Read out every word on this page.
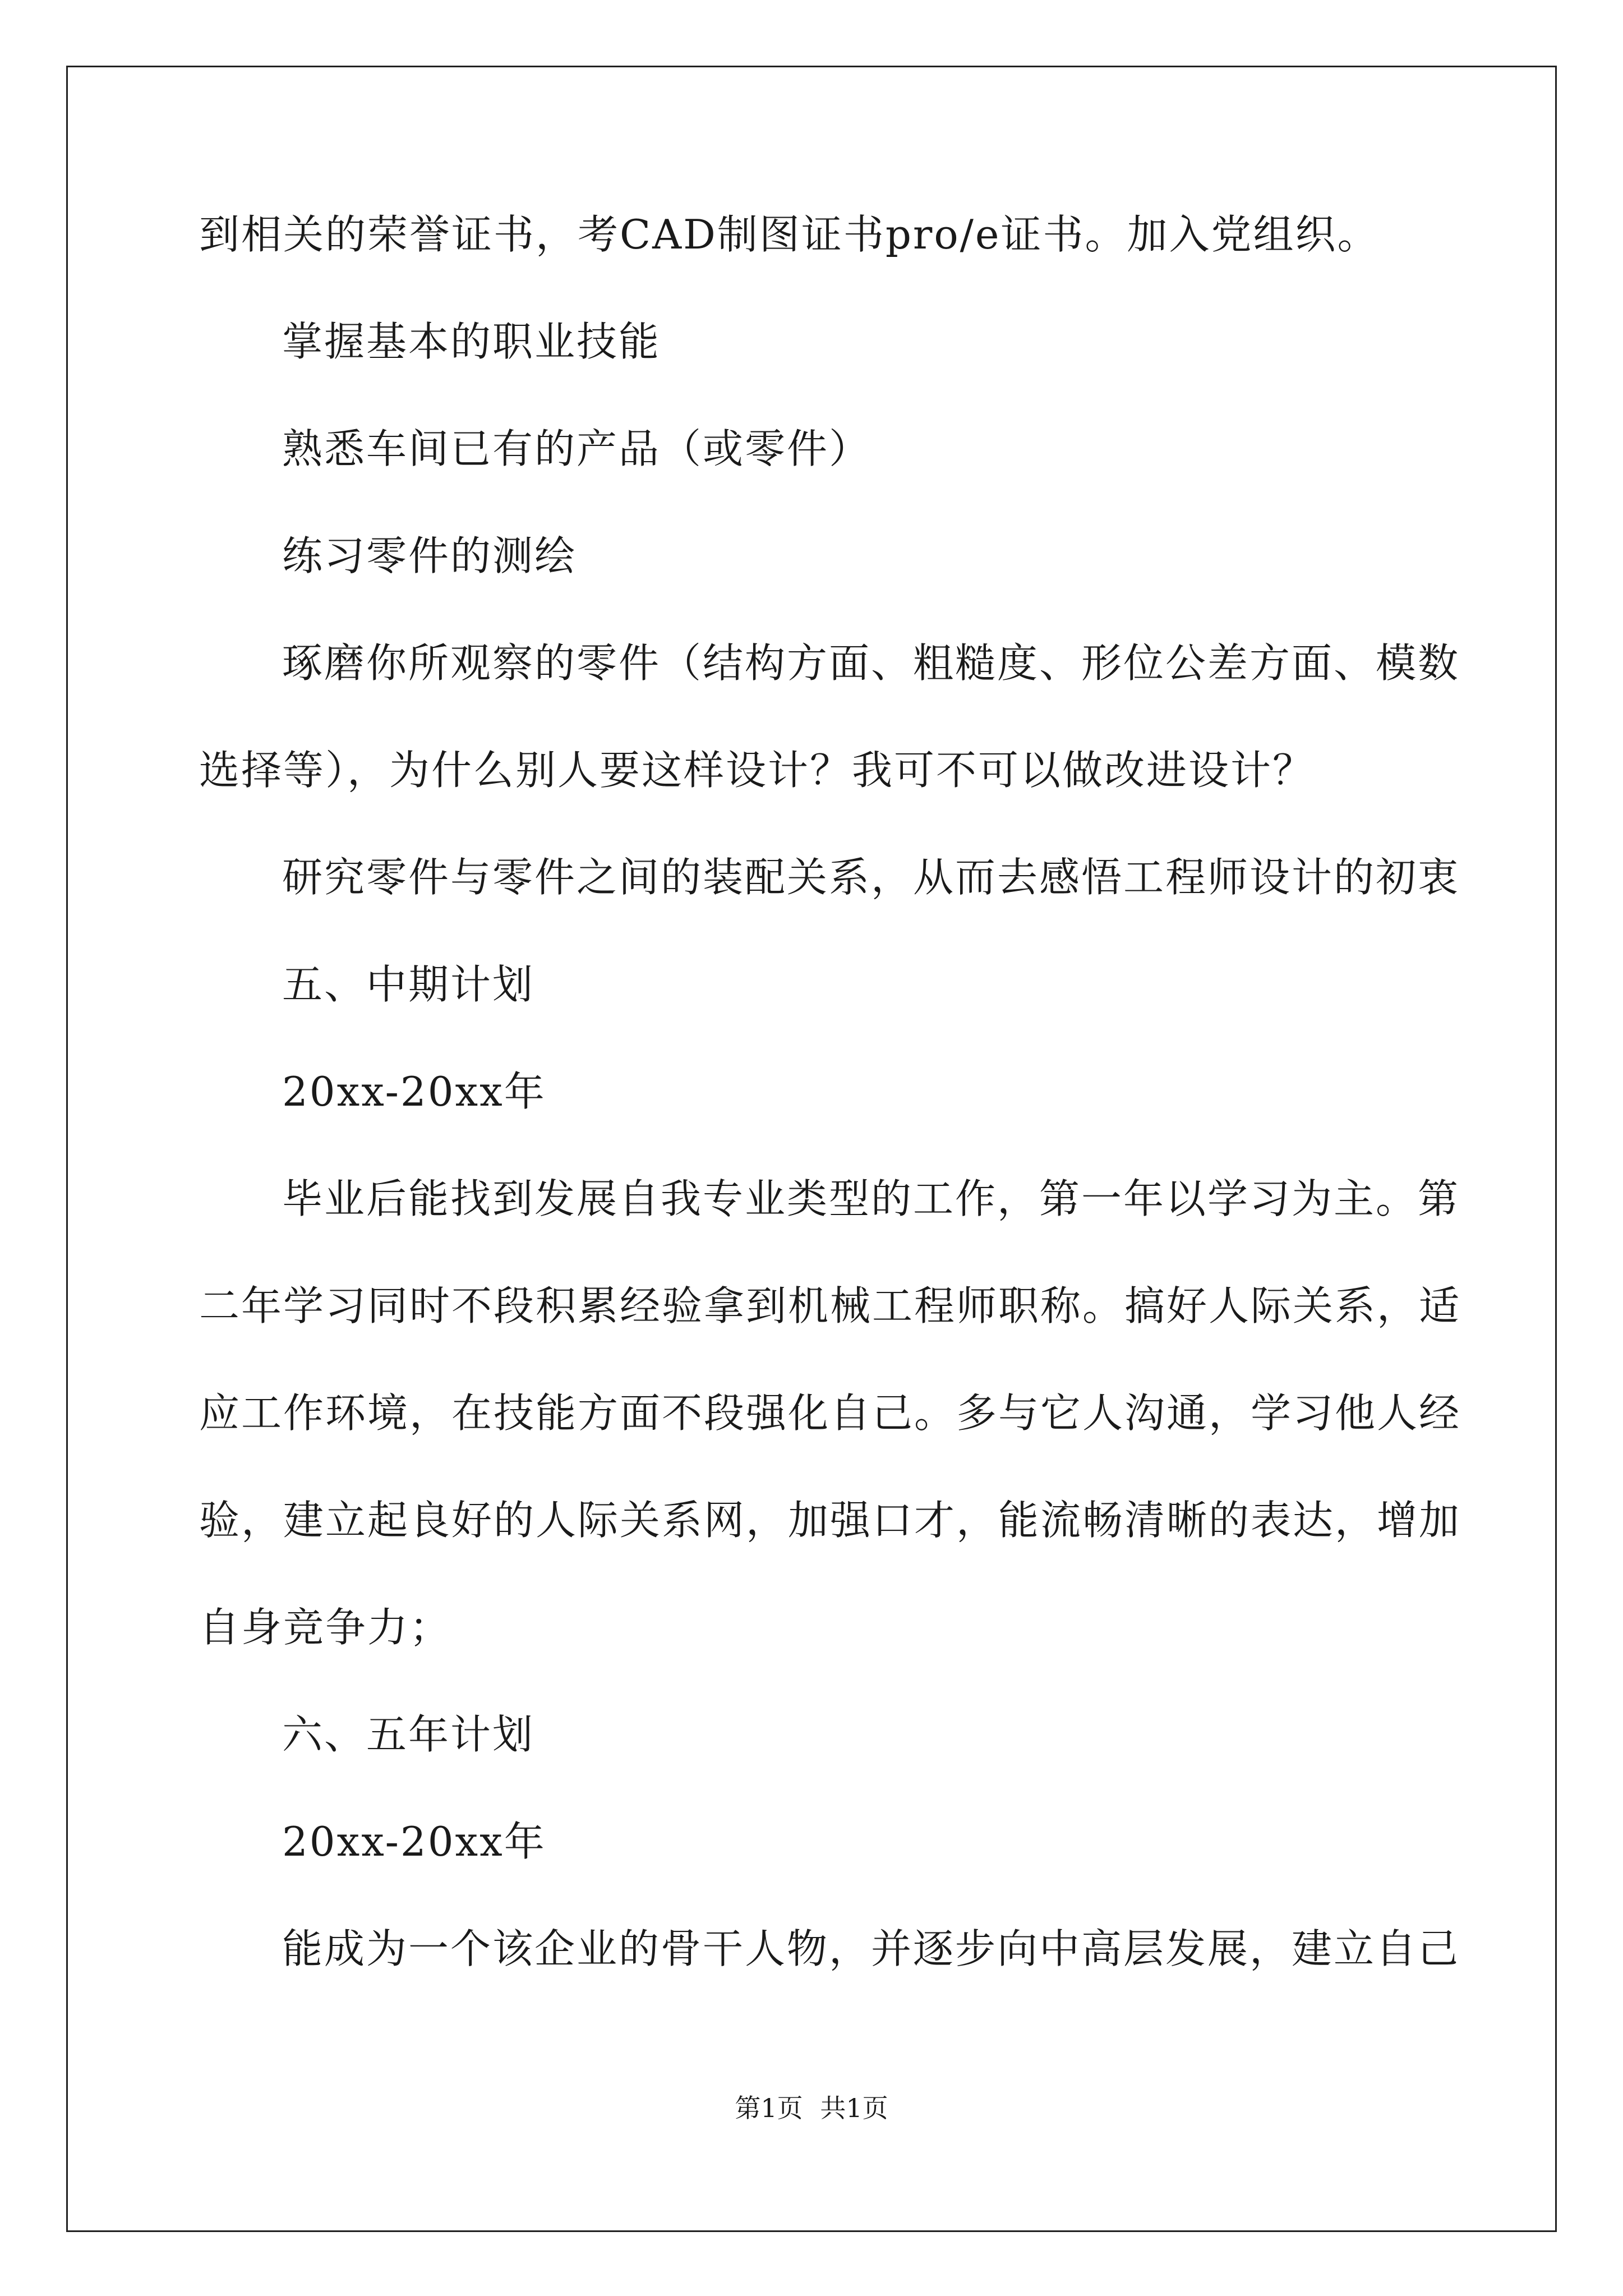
到相关的荣誉证书，考CAD制图证书pro/e证书。加入党组织。

掌握基本的职业技能

熟悉车间已有的产品（或零件）

练习零件的测绘

琢磨你所观察的零件（结构方面、粗糙度、形位公差方面、模数

选择等），为什么别人要这样设计？我可不可以做改进设计？

研究零件与零件之间的装配关系，从而去感悟工程师设计的初衷

五、中期计划

20xx-20xx年

毕业后能找到发展自我专业类型的工作，第一年以学习为主。第

二年学习同时不段积累经验拿到机械工程师职称。搞好人际关系，适

应工作环境，在技能方面不段强化自己。多与它人沟通，学习他人经

验，建立起良好的人际关系网，加强口才，能流畅清晰的表达，增加

自身竞争力；

六、五年计划

20xx-20xx年

能成为一个该企业的骨干人物，并逐步向中高层发展，建立自己

第1页 共1页
